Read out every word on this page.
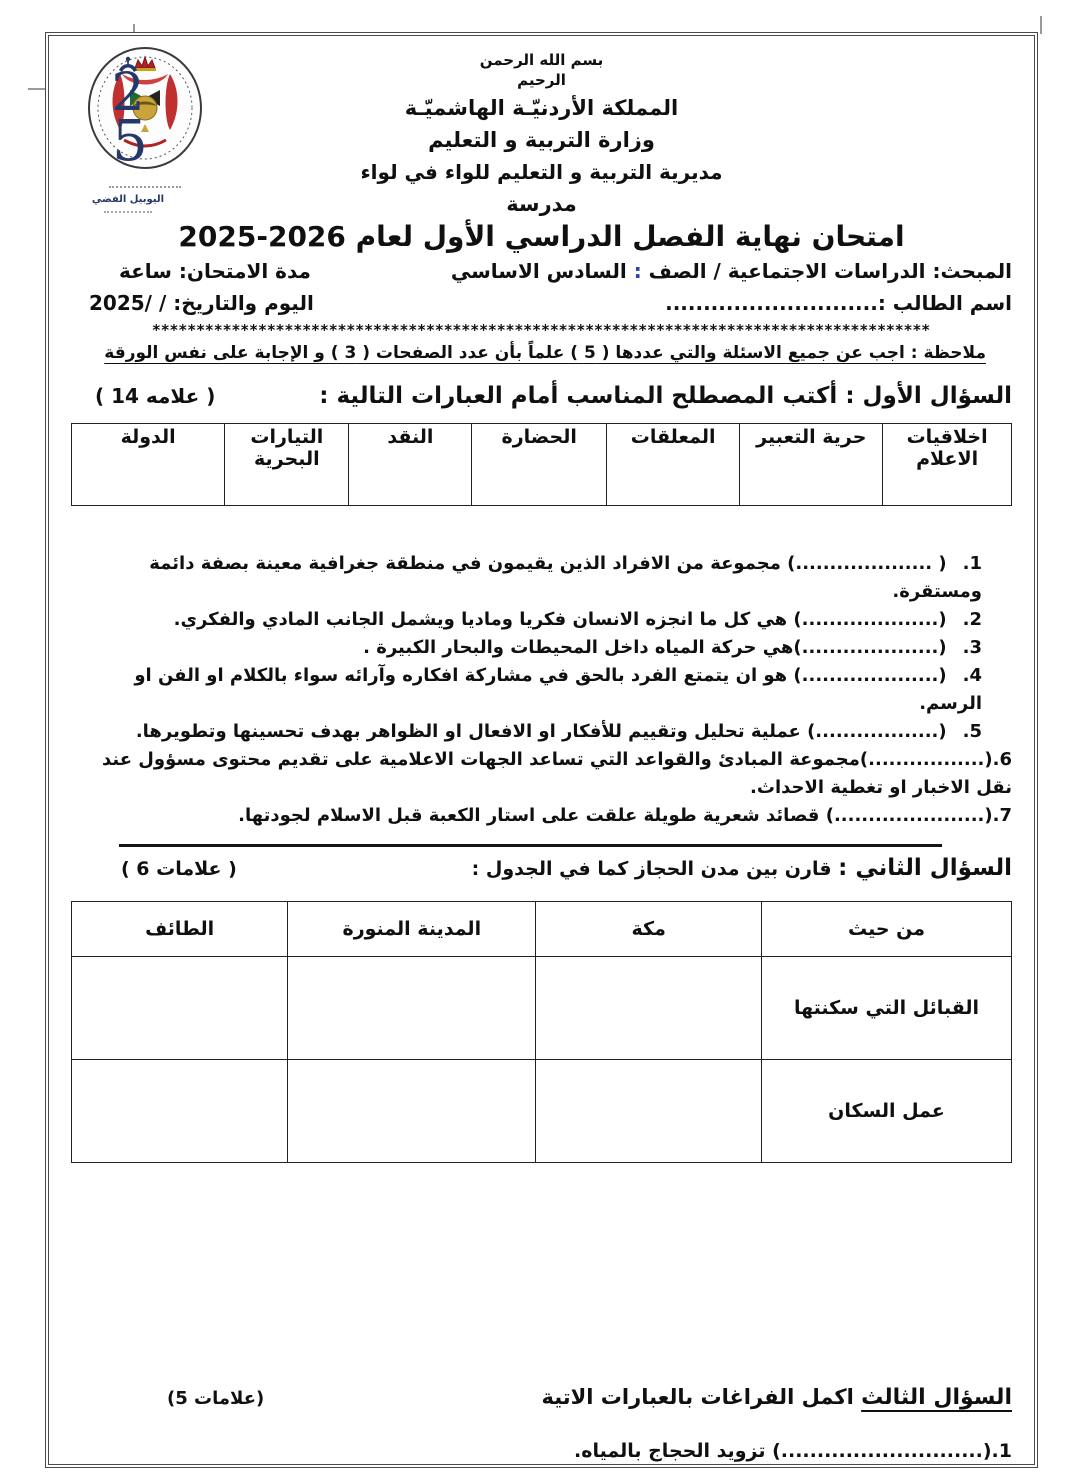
2
5
اليوبيل الفضي
بسم الله الرحمن
الرحيم
المملكة الأردنيّـة الهاشميّـة
وزارة التربية و التعليم
مديرية التربية و التعليم للواء في لواء
مدرسة
امتحان نهاية الفصل الدراسي الأول لعام 2026-2025
المبحث: الدراسات الاجتماعية / الصف : السادس الاساسي
مدة الامتحان: ساعة
اسم الطالب :............................
اليوم والتاريخ: / /2025
****************************************************************************************
ملاحظة : اجب عن جميع الاسئلة والتي عددها ( 5 ) علماً بأن عدد الصفحات ( 3 ) و الإجابة على نفس الورقة
السؤال الأول : أكتب المصطلح المناسب أمام العبارات التالية :
( 14 علامه )
اخلاقيات الاعلام	حرية التعبير	المعلقات	الحضارة	النقد	التيارات البحرية	الدولة
1.( ....................) مجموعة من الافراد الذين يقيمون في منطقة جغرافية معينة بصفة دائمة ومستقرة.
2.(....................) هي كل ما انجزه الانسان فكريا وماديا ويشمل الجانب المادي والفكري.
3.(....................)هي حركة المياه داخل المحيطات والبحار الكبيرة .
4.(....................) هو ان يتمتع الفرد بالحق في مشاركة افكاره وآرائه سواء بالكلام او الفن او الرسم.
5.(..................) عملية تحليل وتقييم للأفكار او الافعال او الظواهر بهدف تحسينها وتطويرها.
6.(.................)مجموعة المبادئ والقواعد التي تساعد الجهات الاعلامية على تقديم محتوى مسؤول عند نقل الاخبار او تغطية الاحداث.
7.(......................) قصائد شعرية طويلة علقت على استار الكعبة قبل الاسلام لجودتها.
السؤال الثاني : قارن بين مدن الحجاز كما في الجدول :
( 6 علامات )
من حيث	مكة	المدينة المنورة	الطائف
القبائل التي سكنتها			
عمل السكان			
السؤال الثالث اكمل الفراغات بالعبارات الاتية
(5 علامات)
1.(............................) تزويد الحجاج بالمياه.
